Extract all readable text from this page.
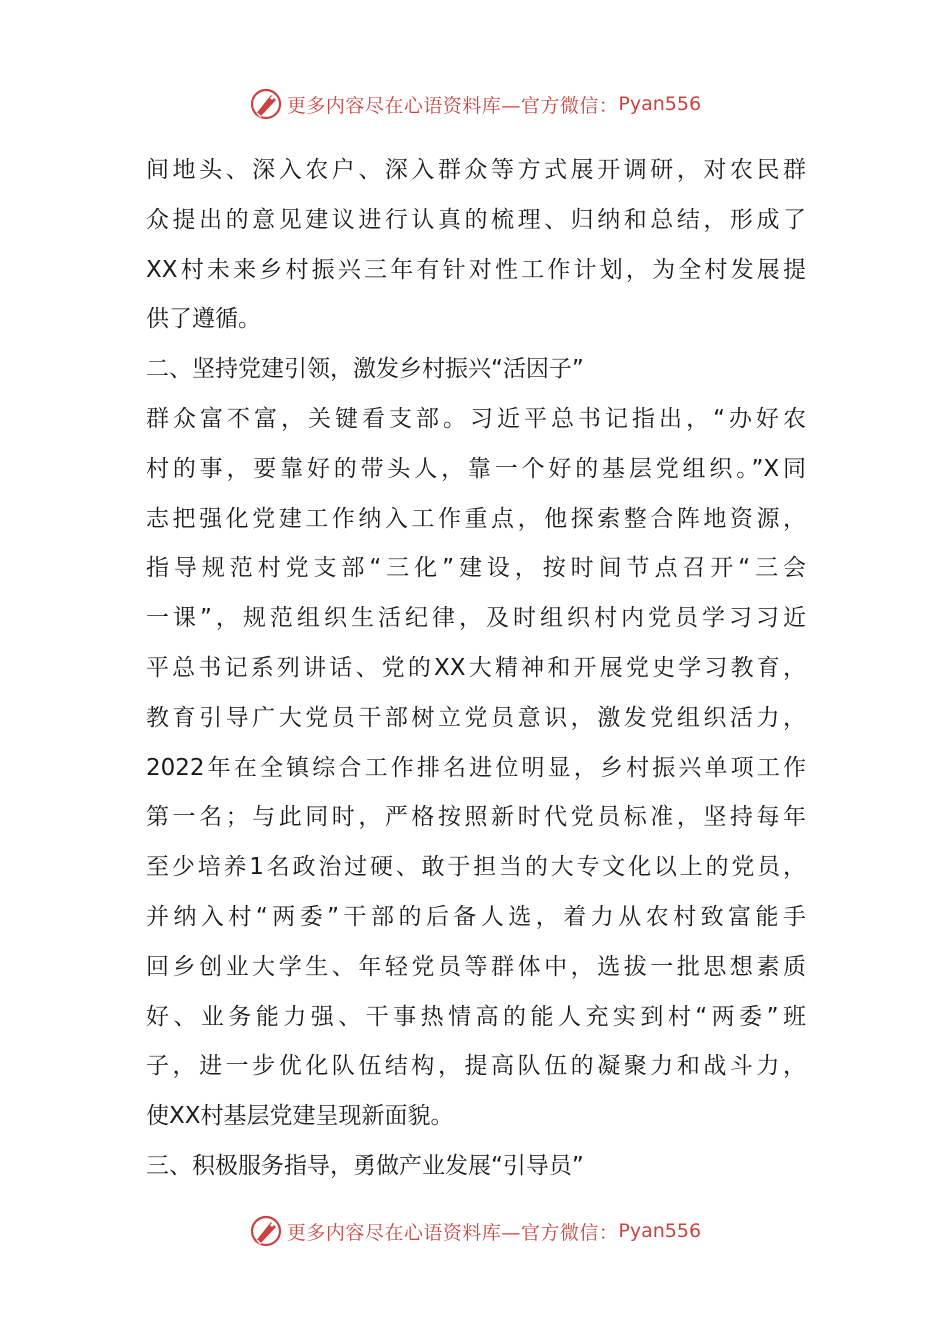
更多内容尽在心语资料库—官方微信： Pyan556
间地头、深入农户、深入群众等方式展开调研，对农民群
众提出的意见建议进行认真的梳理、归纳和总结，形成了
XX村未来乡村振兴三年有针对性工作计划，为全村发展提
供了遵循。
二、坚持党建引领，激发乡村振兴“活因子”
群众富不富，关键看支部。习近平总书记指出，“办好农
村的事，要靠好的带头人，靠一个好的基层党组织。”X同
志把强化党建工作纳入工作重点，他探索整合阵地资源，
指导规范村党支部“三化”建设，按时间节点召开“三会
一课”，规范组织生活纪律，及时组织村内党员学习习近
平总书记系列讲话、党的XX大精神和开展党史学习教育，
教育引导广大党员干部树立党员意识，激发党组织活力，
2022年在全镇综合工作排名进位明显，乡村振兴单项工作
第一名；与此同时，严格按照新时代党员标准，坚持每年
至少培养1名政治过硬、敢于担当的大专文化以上的党员，
并纳入村“两委”干部的后备人选，着力从农村致富能手
回乡创业大学生、年轻党员等群体中，选拔一批思想素质
好、业务能力强、干事热情高的能人充实到村“两委”班
子，进一步优化队伍结构，提高队伍的凝聚力和战斗力，
使XX村基层党建呈现新面貌。
三、积极服务指导，勇做产业发展“引导员”
更多内容尽在心语资料库—官方微信： Pyan556
